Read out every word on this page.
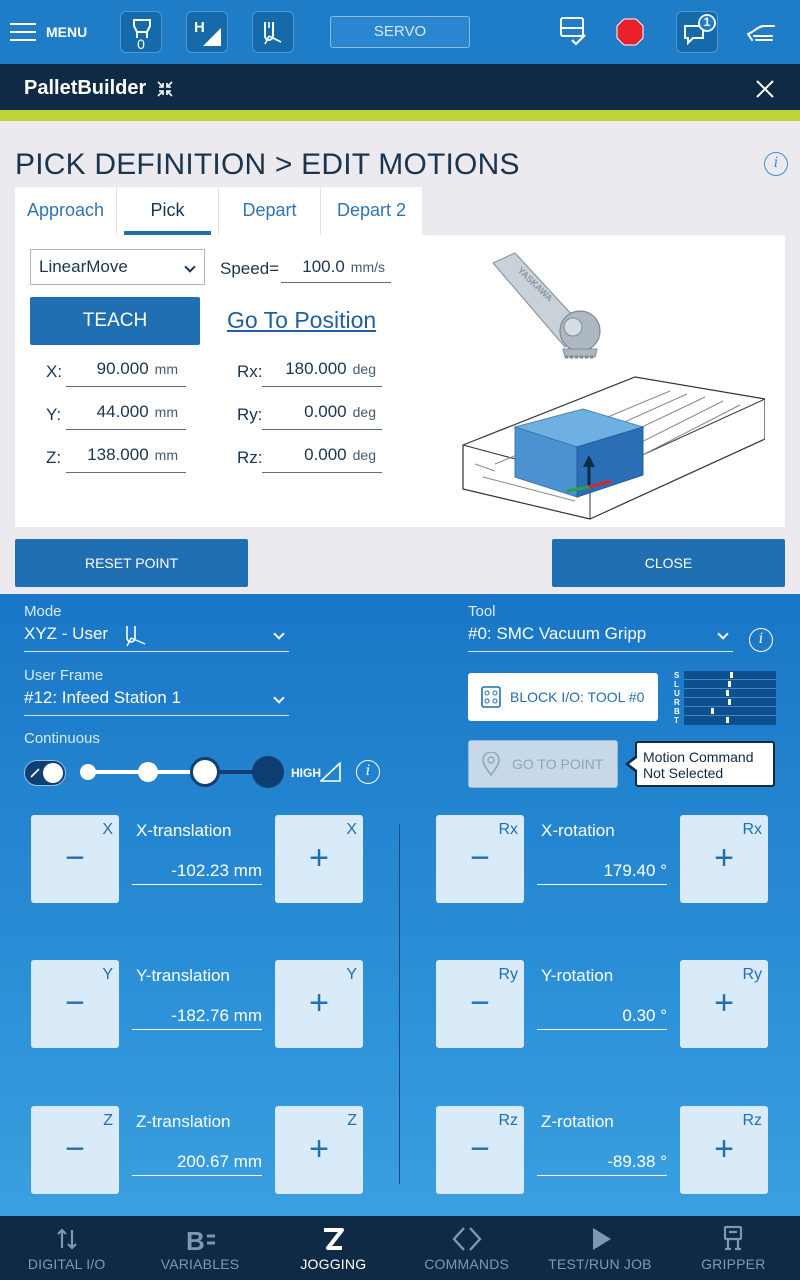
MENU
0
H	SERVO
1
PalletBuilder
PICK DEFINITION > EDIT MOTIONS	i
Approach	Pick	Depart	Depart 2
LinearMove	Speed=	100.0 mm/s
TEACH	Go To Position
X:	90.000 mm
Y:	44.000 mm
Z:	138.000 mm
Rx:	180.000 deg
Ry:	0.000 deg
Rz:	0.000 deg
YASKAWA
RESET POINT	CLOSE
Mode
XYZ - User
User Frame
#12: Infeed Station 1
Tool
#0: SMC Vacuum Gripp	i
BLOCK I/O: TOOL #0
S
L
U
R
B
T
Continuous
HIGH	i	GO TO POINT	Motion Command
Not Selected
X
−
X-translation
-102.23 mm
X
+
Y
−
Y-translation
-182.76 mm
Y
+
Z
−
Z-translation
200.67 mm
Z
+
Rx
−
X-rotation
179.40 °
Rx
+
Ry
−
Y-rotation
0.30 °
Ry
+
Rz
−
Z-rotation
-89.38 °
Rz
+
DIGITAL I/O
B
VARIABLES	JOGGING	COMMANDS	TEST/RUN JOB	GRIPPER
